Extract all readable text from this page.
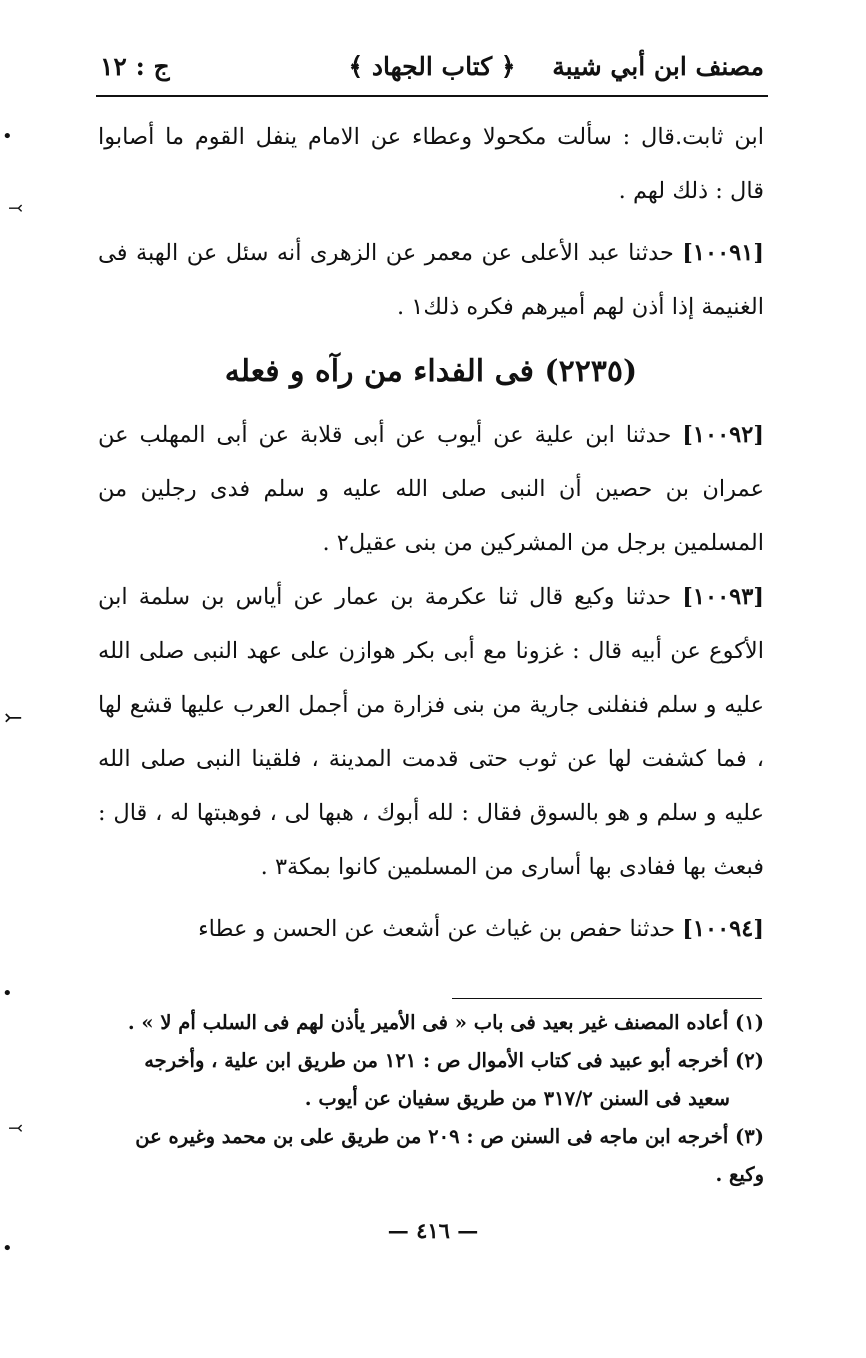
مصنف ابن أبي شيبة
﴿ كتاب الجهاد ﴾
ج : ١٢

ابن ثابت.قال : سألت مكحولا وعطاء عن الامام ينفل القوم ما أصابوا قال : ذلك لهم .

[١٠٠٩١] حدثنا عبد الأعلى عن معمر عن الزهرى أنه سئل عن الهبة فى الغنيمة إذا أذن لهم أميرهم فكره ذلك١ .

(٢٢٣٥) فى الفداء من رآه و فعله

[١٠٠٩٢] حدثنا ابن علية عن أيوب عن أبى قلابة عن أبى المهلب عن عمران بن حصين أن النبى صلى الله عليه و سلم فدى رجلين من المسلمين برجل من المشركين من بنى عقيل٢ .

[١٠٠٩٣] حدثنا وكيع قال ثنا عكرمة بن عمار عن أياس بن سلمة ابن الأكوع عن أبيه قال : غزونا مع أبى بكر هوازن على عهد النبى صلى الله عليه و سلم فنفلنى جارية من بنى فزارة من أجمل العرب عليها قشع لها ، فما كشفت لها عن ثوب حتى قدمت المدينة ، فلقينا النبى صلى الله عليه و سلم و هو بالسوق فقال : لله أبوك ، هبها لى ، فوهبتها له ، قال : فبعث بها ففادى بها أسارى من المسلمين كانوا بمكة٣ .

[١٠٠٩٤] حدثنا حفص بن غياث عن أشعث عن الحسن و عطاء

(١) أعاده المصنف غير بعيد فى باب « فى الأمير يأذن لهم فى السلب أم لا » .

(٢) أخرجه أبو عبيد فى كتاب الأموال ص : ١٢١ من طريق ابن علية ، وأخرجه

سعيد فى السنن ٣١٧/٢ من طريق سفيان عن أيوب .

(٣) أخرجه ابن ماجه فى السنن ص : ٢٠٩ من طريق على بن محمد وغيره عن وكيع .

— ٤١٦ —
•
⤙
⤚
•
⤙
•
